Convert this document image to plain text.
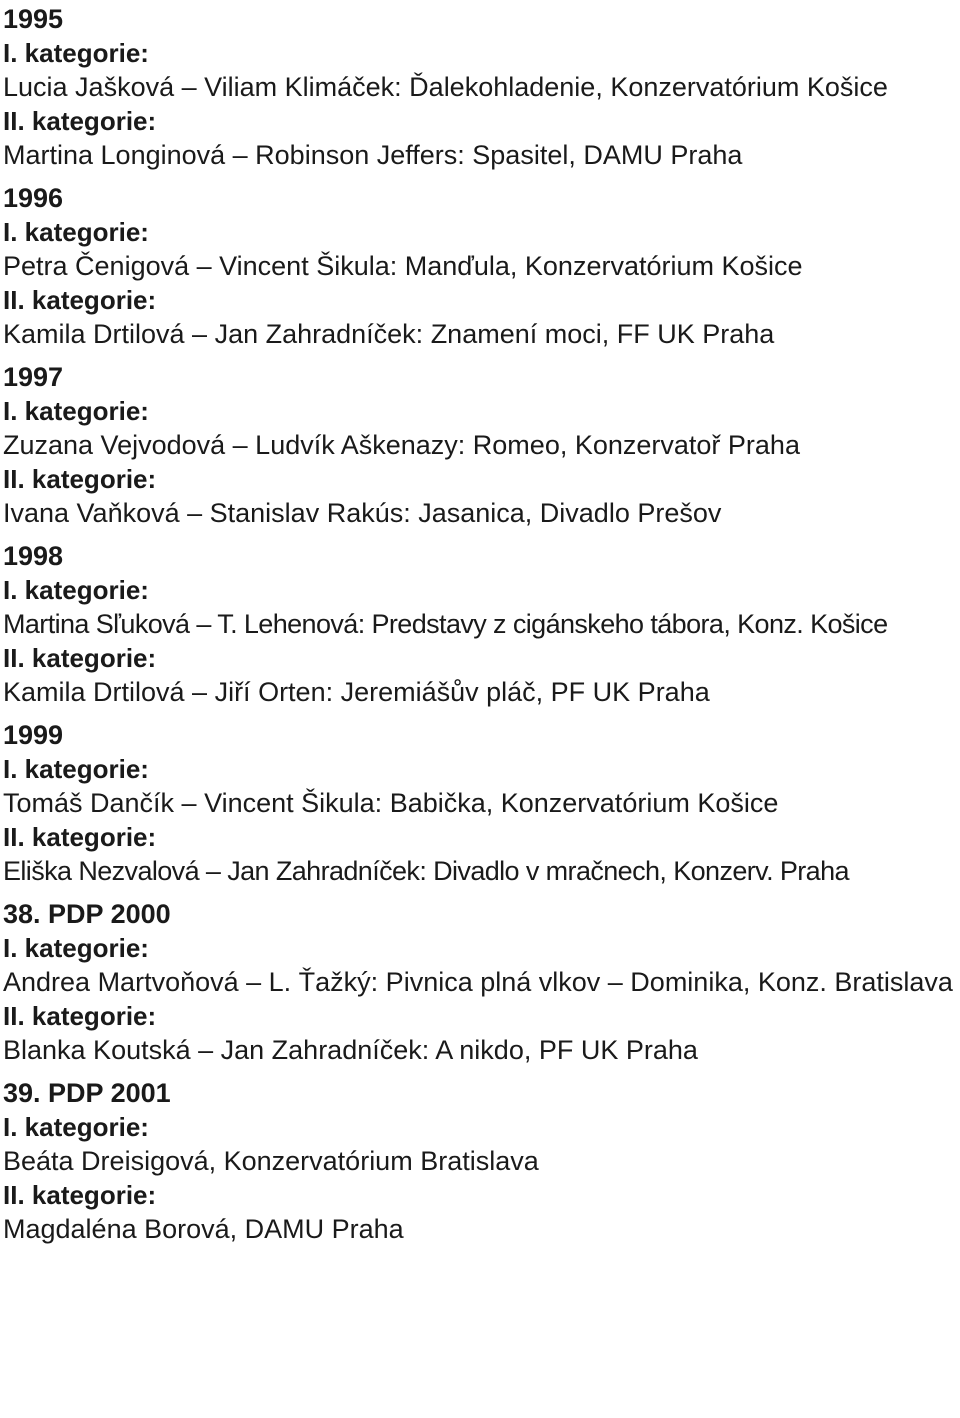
1995
I. kategorie:
Lucia Jašková – Viliam Klimáček: Ďalekohladenie, Konzervatórium Košice
II. kategorie:
Martina Longinová – Robinson Jeffers: Spasitel, DAMU Praha
1996
I. kategorie:
Petra Čenigová – Vincent Šikula: Manďula, Konzervatórium Košice
II. kategorie:
Kamila Drtilová – Jan Zahradníček: Znamení moci, FF UK Praha
1997
I. kategorie:
Zuzana Vejvodová – Ludvík Aškenazy: Romeo, Konzervatoř Praha
II. kategorie:
Ivana Vaňková – Stanislav Rakús: Jasanica, Divadlo Prešov
1998
I. kategorie:
Martina Sľuková – T. Lehenová: Predstavy z cigánskeho tábora, Konz. Košice
II. kategorie:
Kamila Drtilová – Jiří Orten: Jeremiášův pláč, PF UK Praha
1999
I. kategorie:
Tomáš Dančík – Vincent Šikula: Babička, Konzervatórium Košice
II. kategorie:
Eliška Nezvalová – Jan Zahradníček: Divadlo v mračnech, Konzerv. Praha
38. PDP 2000
I. kategorie:
Andrea Martvoňová – L. Ťažký: Pivnica plná vlkov – Dominika, Konz. Bratislava
II. kategorie:
Blanka Koutská – Jan Zahradníček: A nikdo, PF UK Praha
39. PDP 2001
I. kategorie:
Beáta Dreisigová, Konzervatórium Bratislava
II. kategorie:
Magdaléna Borová, DAMU Praha
